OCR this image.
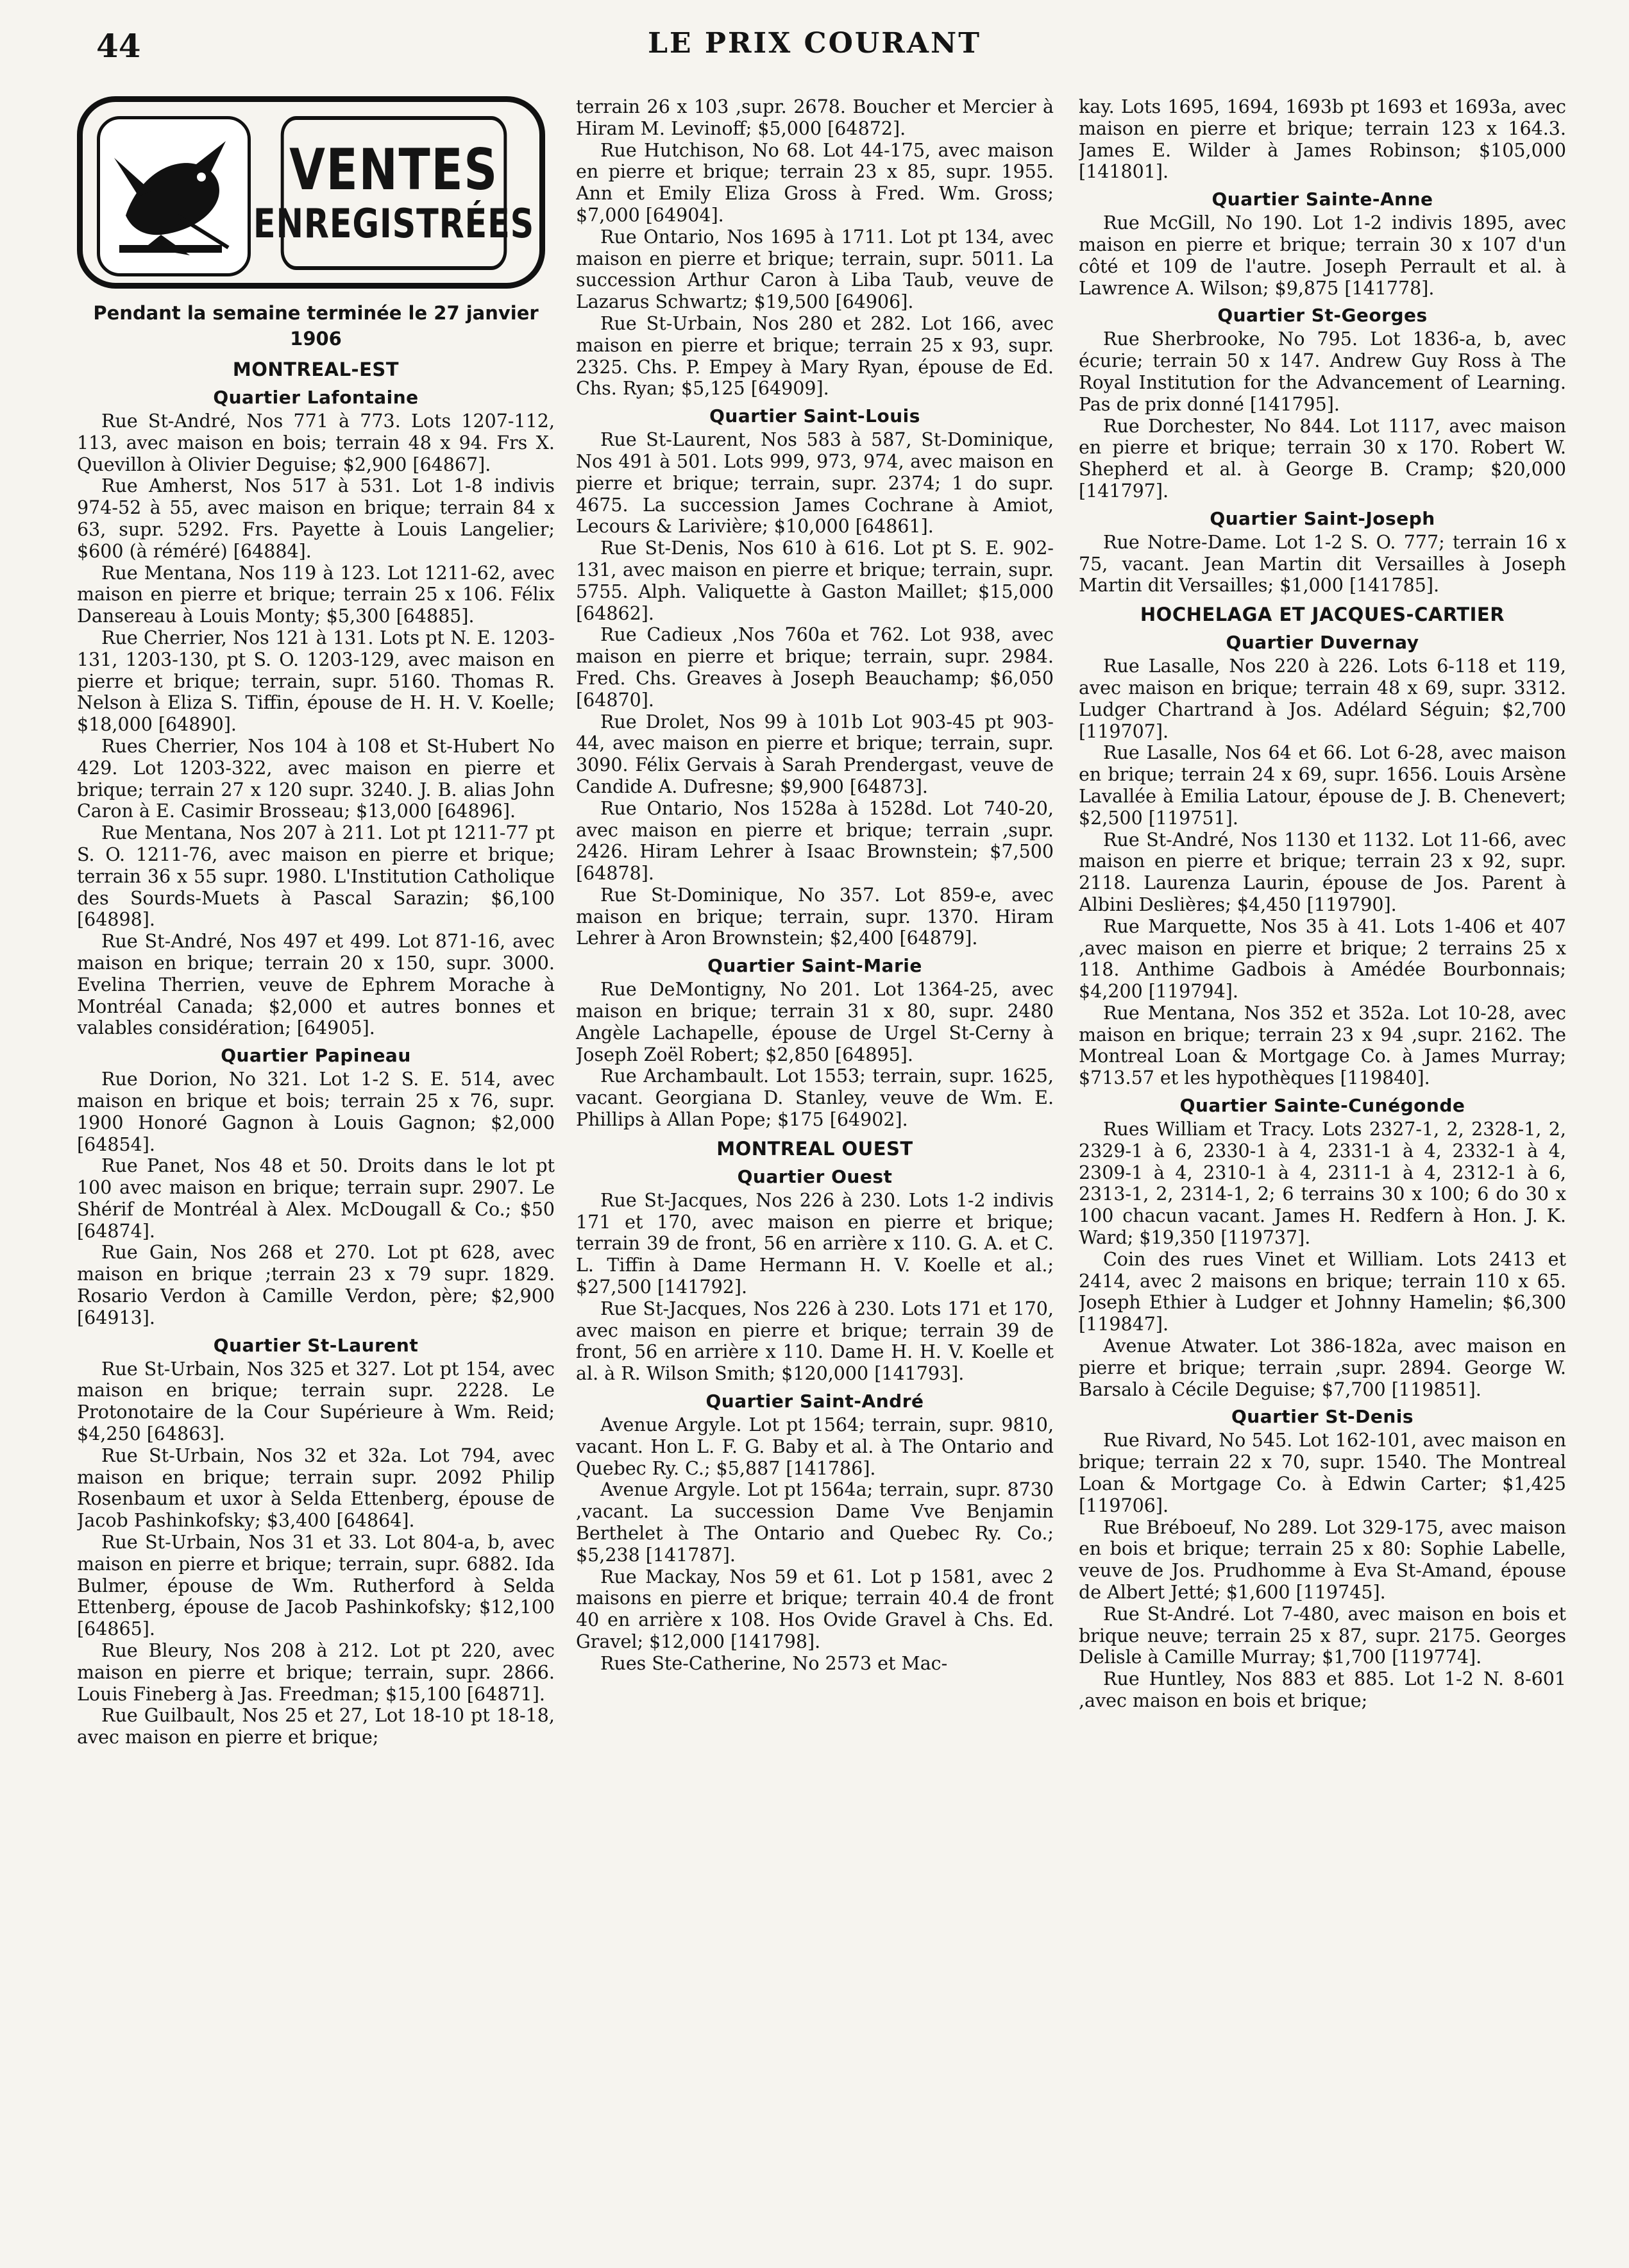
44	LE PRIX COURANT
VENTES
ENREGISTRÉES
Pendant la semaine terminée le 27 janvier 1906
MONTREAL-EST
Quartier Lafontaine
Rue St-André, Nos 771 à 773. Lots 1207-112, 113, avec maison en bois; terrain 48 x 94. Frs X. Quevillon à Olivier Deguise; $2,900 [64867].
Rue Amherst, Nos 517 à 531. Lot 1-8 indivis 974-52 à 55, avec maison en brique; terrain 84 x 63, supr. 5292. Frs. Payette à Louis Langelier; $600 (à réméré) [64884].
Rue Mentana, Nos 119 à 123. Lot 1211-62, avec maison en pierre et brique; terrain 25 x 106. Félix Dansereau à Louis Monty; $5,300 [64885].
Rue Cherrier, Nos 121 à 131. Lots pt N. E. 1203-131, 1203-130, pt S. O. 1203-129, avec maison en pierre et brique; terrain, supr. 5160. Thomas R. Nelson à Eliza S. Tiffin, épouse de H. H. V. Koelle; $18,000 [64890].
Rues Cherrier, Nos 104 à 108 et St-Hubert No 429. Lot 1203-322, avec maison en pierre et brique; terrain 27 x 120 supr. 3240. J. B. alias John Caron à E. Casimir Brosseau; $13,000 [64896].
Rue Mentana, Nos 207 à 211. Lot pt 1211-77 pt S. O. 1211-76, avec maison en pierre et brique; terrain 36 x 55 supr. 1980. L'Institution Catholique des Sourds-Muets à Pascal Sarazin; $6,100 [64898].
Rue St-André, Nos 497 et 499. Lot 871-16, avec maison en brique; terrain 20 x 150, supr. 3000. Evelina Therrien, veuve de Ephrem Morache à Montréal Canada; $2,000 et autres bonnes et valables considération; [64905].
Quartier Papineau
Rue Dorion, No 321. Lot 1-2 S. E. 514, avec maison en brique et bois; terrain 25 x 76, supr. 1900 Honoré Gagnon à Louis Gagnon; $2,000 [64854].
Rue Panet, Nos 48 et 50. Droits dans le lot pt 100 avec maison en brique; terrain supr. 2907. Le Shérif de Montréal à Alex. McDougall & Co.; $50 [64874].
Rue Gain, Nos 268 et 270. Lot pt 628, avec maison en brique ;terrain 23 x 79 supr. 1829. Rosario Verdon à Camille Verdon, père; $2,900 [64913].
Quartier St-Laurent
Rue St-Urbain, Nos 325 et 327. Lot pt 154, avec maison en brique; terrain supr. 2228. Le Protonotaire de la Cour Supérieure à Wm. Reid; $4,250 [64863].
Rue St-Urbain, Nos 32 et 32a. Lot 794, avec maison en brique; terrain supr. 2092 Philip Rosenbaum et uxor à Selda Ettenberg, épouse de Jacob Pashinkofsky; $3,400 [64864].
Rue St-Urbain, Nos 31 et 33. Lot 804-a, b, avec maison en pierre et brique; terrain, supr. 6882. Ida Bulmer, épouse de Wm. Rutherford à Selda Ettenberg, épouse de Jacob Pashinkofsky; $12,100 [64865].
Rue Bleury, Nos 208 à 212. Lot pt 220, avec maison en pierre et brique; terrain, supr. 2866. Louis Fineberg à Jas. Freedman; $15,100 [64871].
Rue Guilbault, Nos 25 et 27, Lot 18-10 pt 18-18, avec maison en pierre et brique;
terrain 26 x 103 ,supr. 2678. Boucher et Mercier à Hiram M. Levinoff; $5,000 [64872].
Rue Hutchison, No 68. Lot 44-175, avec maison en pierre et brique; terrain 23 x 85, supr. 1955. Ann et Emily Eliza Gross à Fred. Wm. Gross; $7,000 [64904].
Rue Ontario, Nos 1695 à 1711. Lot pt 134, avec maison en pierre et brique; terrain, supr. 5011. La succession Arthur Caron à Liba Taub, veuve de Lazarus Schwartz; $19,500 [64906].
Rue St-Urbain, Nos 280 et 282. Lot 166, avec maison en pierre et brique; terrain 25 x 93, supr. 2325. Chs. P. Empey à Mary Ryan, épouse de Ed. Chs. Ryan; $5,125 [64909].
Quartier Saint-Louis
Rue St-Laurent, Nos 583 à 587, St-Dominique, Nos 491 à 501. Lots 999, 973, 974, avec maison en pierre et brique; terrain, supr. 2374; 1 do supr. 4675. La succession James Cochrane à Amiot, Lecours & Larivière; $10,000 [64861].
Rue St-Denis, Nos 610 à 616. Lot pt S. E. 902-131, avec maison en pierre et brique; terrain, supr. 5755. Alph. Valiquette à Gaston Maillet; $15,000 [64862].
Rue Cadieux ,Nos 760a et 762. Lot 938, avec maison en pierre et brique; terrain, supr. 2984. Fred. Chs. Greaves à Joseph Beauchamp; $6,050 [64870].
Rue Drolet, Nos 99 à 101b Lot 903-45 pt 903-44, avec maison en pierre et brique; terrain, supr. 3090. Félix Gervais à Sarah Prendergast, veuve de Candide A. Dufresne; $9,900 [64873].
Rue Ontario, Nos 1528a à 1528d. Lot 740-20, avec maison en pierre et brique; terrain ,supr. 2426. Hiram Lehrer à Isaac Brownstein; $7,500 [64878].
Rue St-Dominique, No 357. Lot 859-e, avec maison en brique; terrain, supr. 1370. Hiram Lehrer à Aron Brownstein; $2,400 [64879].
Quartier Saint-Marie
Rue DeMontigny, No 201. Lot 1364-25, avec maison en brique; terrain 31 x 80, supr. 2480 Angèle Lachapelle, épouse de Urgel St-Cerny à Joseph Zoël Robert; $2,850 [64895].
Rue Archambault. Lot 1553; terrain, supr. 1625, vacant. Georgiana D. Stanley, veuve de Wm. E. Phillips à Allan Pope; $175 [64902].
MONTREAL OUEST
Quartier Ouest
Rue St-Jacques, Nos 226 à 230. Lots 1-2 indivis 171 et 170, avec maison en pierre et brique; terrain 39 de front, 56 en arrière x 110. G. A. et C. L. Tiffin à Dame Hermann H. V. Koelle et al.; $27,500 [141792].
Rue St-Jacques, Nos 226 à 230. Lots 171 et 170, avec maison en pierre et brique; terrain 39 de front, 56 en arrière x 110. Dame H. H. V. Koelle et al. à R. Wilson Smith; $120,000 [141793].
Quartier Saint-André
Avenue Argyle. Lot pt 1564; terrain, supr. 9810, vacant. Hon L. F. G. Baby et al. à The Ontario and Quebec Ry. C.; $5,887 [141786].
Avenue Argyle. Lot pt 1564a; terrain, supr. 8730 ,vacant. La succession Dame Vve Benjamin Berthelet à The Ontario and Quebec Ry. Co.; $5,238 [141787].
Rue Mackay, Nos 59 et 61. Lot p 1581, avec 2 maisons en pierre et brique; terrain 40.4 de front 40 en arrière x 108. Hos Ovide Gravel à Chs. Ed. Gravel; $12,000 [141798].
Rues Ste-Catherine, No 2573 et Mac-
kay. Lots 1695, 1694, 1693b pt 1693 et 1693a, avec maison en pierre et brique; terrain 123 x 164.3. James E. Wilder à James Robinson; $105,000 [141801].
Quartier Sainte-Anne
Rue McGill, No 190. Lot 1-2 indivis 1895, avec maison en pierre et brique; terrain 30 x 107 d'un côté et 109 de l'autre. Joseph Perrault et al. à Lawrence A. Wilson; $9,875 [141778].
Quartier St-Georges
Rue Sherbrooke, No 795. Lot 1836-a, b, avec écurie; terrain 50 x 147. Andrew Guy Ross à The Royal Institution for the Advancement of Learning. Pas de prix donné [141795].
Rue Dorchester, No 844. Lot 1117, avec maison en pierre et brique; terrain 30 x 170. Robert W. Shepherd et al. à George B. Cramp; $20,000 [141797].
Quartier Saint-Joseph
Rue Notre-Dame. Lot 1-2 S. O. 777; terrain 16 x 75, vacant. Jean Martin dit Versailles à Joseph Martin dit Versailles; $1,000 [141785].
HOCHELAGA ET JACQUES-CARTIER
Quartier Duvernay
Rue Lasalle, Nos 220 à 226. Lots 6-118 et 119, avec maison en brique; terrain 48 x 69, supr. 3312. Ludger Chartrand à Jos. Adélard Séguin; $2,700 [119707].
Rue Lasalle, Nos 64 et 66. Lot 6-28, avec maison en brique; terrain 24 x 69, supr. 1656. Louis Arsène Lavallée à Emilia Latour, épouse de J. B. Chenevert; $2,500 [119751].
Rue St-André, Nos 1130 et 1132. Lot 11-66, avec maison en pierre et brique; terrain 23 x 92, supr. 2118. Laurenza Laurin, épouse de Jos. Parent à Albini Deslières; $4,450 [119790].
Rue Marquette, Nos 35 à 41. Lots 1-406 et 407 ,avec maison en pierre et brique; 2 terrains 25 x 118. Anthime Gadbois à Amédée Bourbonnais; $4,200 [119794].
Rue Mentana, Nos 352 et 352a. Lot 10-28, avec maison en brique; terrain 23 x 94 ,supr. 2162. The Montreal Loan & Mortgage Co. à James Murray; $713.57 et les hypothèques [119840].
Quartier Sainte-Cunégonde
Rues William et Tracy. Lots 2327-1, 2, 2328-1, 2, 2329-1 à 6, 2330-1 à 4, 2331-1 à 4, 2332-1 à 4, 2309-1 à 4, 2310-1 à 4, 2311-1 à 4, 2312-1 à 6, 2313-1, 2, 2314-1, 2; 6 terrains 30 x 100; 6 do 30 x 100 chacun vacant. James H. Redfern à Hon. J. K. Ward; $19,350 [119737].
Coin des rues Vinet et William. Lots 2413 et 2414, avec 2 maisons en brique; terrain 110 x 65. Joseph Ethier à Ludger et Johnny Hamelin; $6,300 [119847].
Avenue Atwater. Lot 386-182a, avec maison en pierre et brique; terrain ,supr. 2894. George W. Barsalo à Cécile Deguise; $7,700 [119851].
Quartier St-Denis
Rue Rivard, No 545. Lot 162-101, avec maison en brique; terrain 22 x 70, supr. 1540. The Montreal Loan & Mortgage Co. à Edwin Carter; $1,425 [119706].
Rue Bréboeuf, No 289. Lot 329-175, avec maison en bois et brique; terrain 25 x 80: Sophie Labelle, veuve de Jos. Prudhomme à Eva St-Amand, épouse de Albert Jetté; $1,600 [119745].
Rue St-André. Lot 7-480, avec maison en bois et brique neuve; terrain 25 x 87, supr. 2175. Georges Delisle à Camille Murray; $1,700 [119774].
Rue Huntley, Nos 883 et 885. Lot 1-2 N. 8-601 ,avec maison en bois et brique;
